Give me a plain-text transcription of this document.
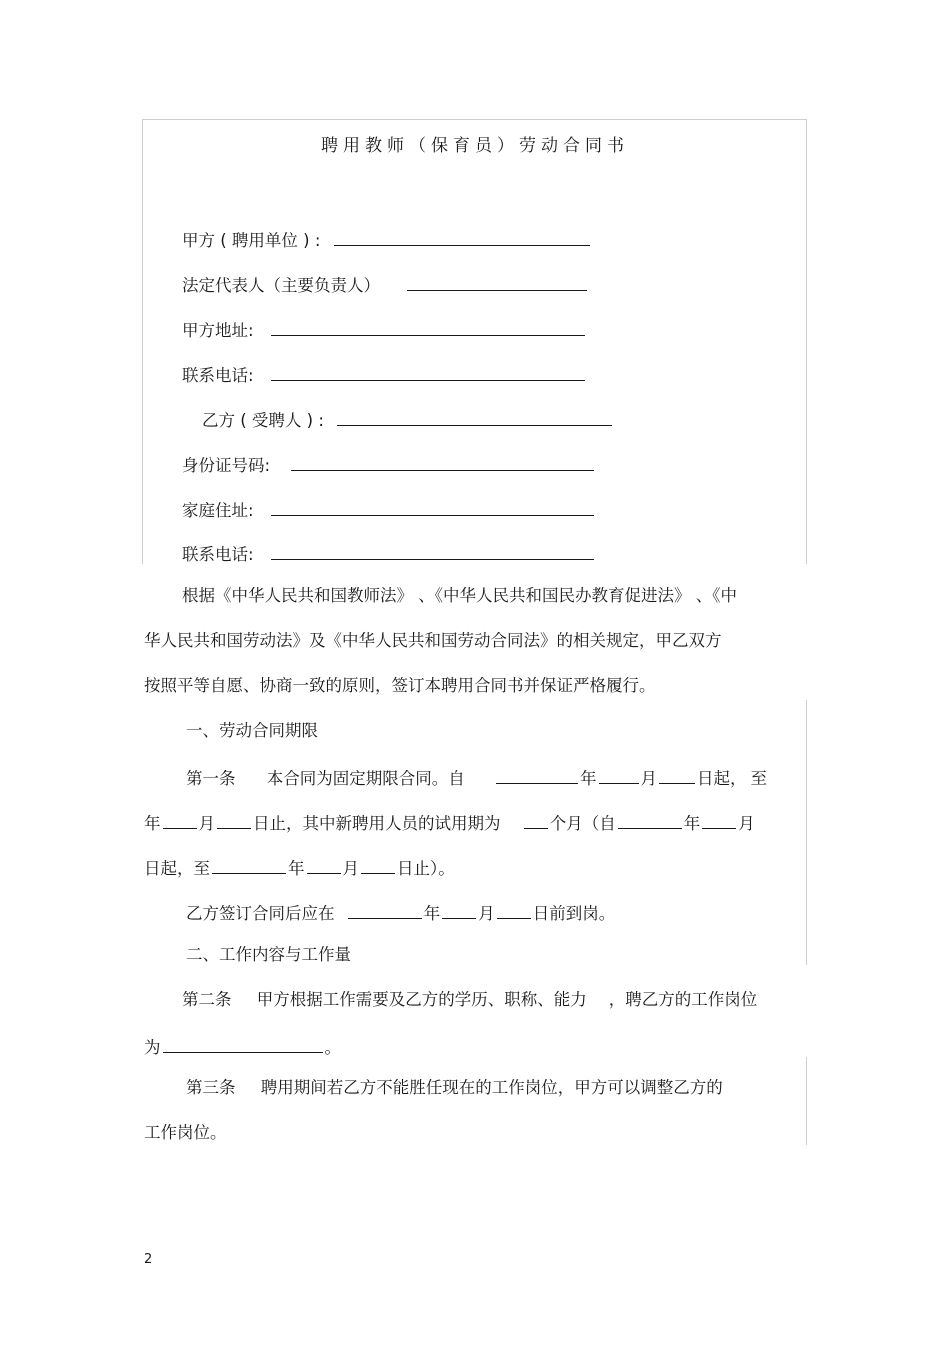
聘用教师（保育员）劳动合同书
甲方 ( 聘用单位 ) :
法定代表人（主要负责人）
甲方地址:
联系电话:
乙方 ( 受聘人 ) :
身份证号码:
家庭住址:
联系电话:
根据《中华人民共和国教师法》 、《中华人民共和国民办教育促进法》 、《中
华人民共和国劳动法》及《中华人民共和国劳动合同法》的相关规定，甲乙双方
按照平等自愿、协商一致的原则，签订本聘用合同书并保证严格履行。
一、劳动合同期限
第一条 本合同为固定期限合同。自	年	月 日起， 至
年 月 日止，其中新聘用人员的试用期为	个月（自	年 月
日起，至	年 月 日止）。
乙方签订合同后应在	年 月 日前到岗。
二、工作内容与工作量
第二条 甲方根据工作需要及乙方的学历、职称、能力 ，聘乙方的工作岗位
为	。
第三条 聘用期间若乙方不能胜任现在的工作岗位，甲方可以调整乙方的
工作岗位。
2
